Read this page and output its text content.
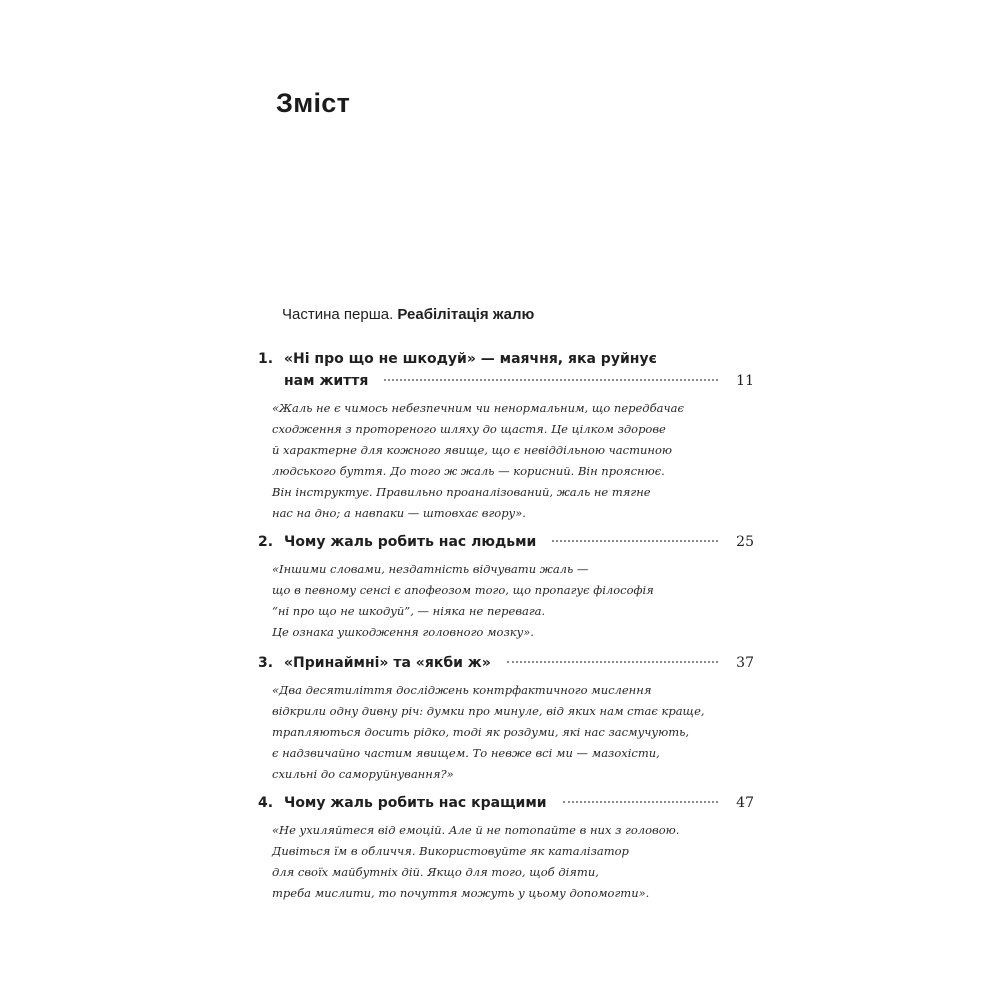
Зміст
Частина перша. Реабілітація жалю
1. «Ні про що не шкодуй» — маячня, яка руйнує
нам життя	11
«Жаль не є чимось небезпечним чи ненормальним, що передбачає
сходження з протореного шляху до щастя. Це цілком здорове
й характерне для кожного явище, що є невіддільною частиною
людського буття. До того ж жаль — корисний. Він прояснює.
Він інструктує. Правильно проаналізований, жаль не тягне
нас на дно; а навпаки — штовхає вгору».
2. Чому жаль робить нас людьми	25
«Іншими словами, нездатність відчувати жаль —
що в певному сенсі є апофеозом того, що пропагує філософія
“ні про що не шкодуй”, — ніяка не перевага.
Це ознака ушкодження головного мозку».
3. «Принаймні» та «якби ж»	37
«Два десятиліття досліджень контрфактичного мислення
відкрили одну дивну річ: думки про минуле, від яких нам стає краще,
трапляються досить рідко, тоді як роздуми, які нас засмучують,
є надзвичайно частим явищем. То невже всі ми — мазохісти,
схильні до саморуйнування?»
4. Чому жаль робить нас кращими	47
«Не ухиляйтеся від емоцій. Але й не потопайте в них з головою.
Дивіться їм в обличчя. Використовуйте як каталізатор
для своїх майбутніх дій. Якщо для того, щоб діяти,
треба мислити, то почуття можуть у цьому допомогти».
